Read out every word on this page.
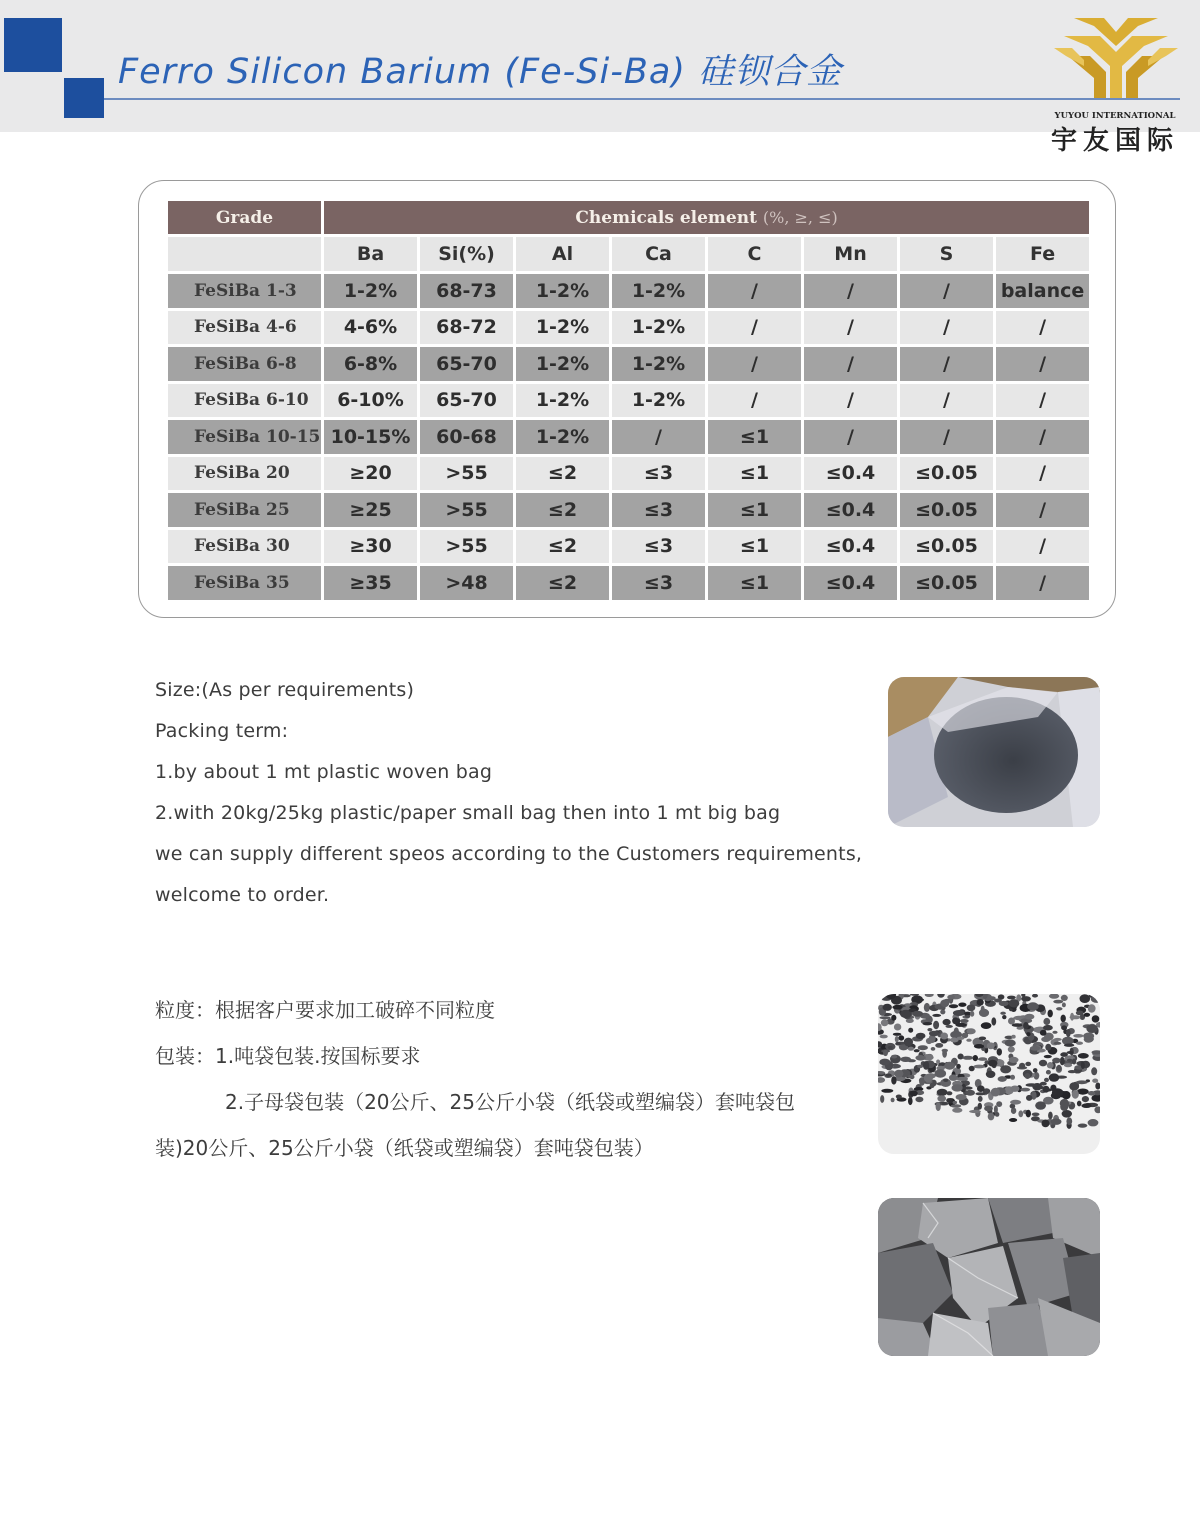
Ferro Silicon Barium (Fe-Si-Ba) 硅钡合金
YUYOU INTERNATIONAL
宇友国际
Grade	Chemicals element (%, ≥, ≤)							
	Ba	Si(%)	Al	Ca	C	Mn	S	Fe
FeSiBa 1-3	1-2%	68-73	1-2%	1-2%	/	/	/	balance
FeSiBa 4-6	4-6%	68-72	1-2%	1-2%	/	/	/	/
FeSiBa 6-8	6-8%	65-70	1-2%	1-2%	/	/	/	/
FeSiBa 6-10	6-10%	65-70	1-2%	1-2%	/	/	/	/
FeSiBa 10-15	10-15%	60-68	1-2%	/	≤1	/	/	/
FeSiBa 20	≥20	>55	≤2	≤3	≤1	≤0.4	≤0.05	/
FeSiBa 25	≥25	>55	≤2	≤3	≤1	≤0.4	≤0.05	/
FeSiBa 30	≥30	>55	≤2	≤3	≤1	≤0.4	≤0.05	/
FeSiBa 35	≥35	>48	≤2	≤3	≤1	≤0.4	≤0.05	/
Size:(As per requirements)
Packing term:
1.by about 1 mt plastic woven bag
2.with 20kg/25kg plastic/paper small bag then into 1 mt big bag
we can supply different speos according to the Customers requirements,
welcome to order.
粒度：根据客户要求加工破碎不同粒度
包装：1.吨袋包装.按国标要求
2.子母袋包装（20公斤、25公斤小袋（纸袋或塑编袋）套吨袋包
装)20公斤、25公斤小袋（纸袋或塑编袋）套吨袋包装）
